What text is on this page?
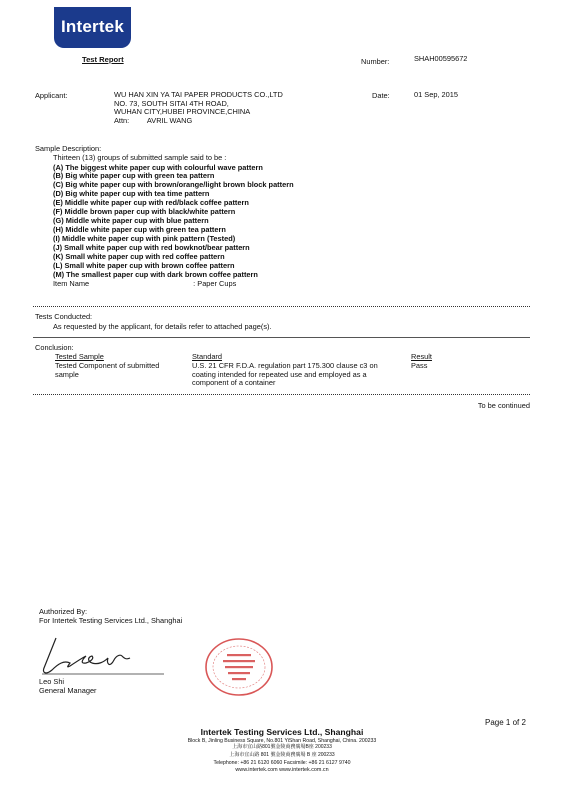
Intertek
Test Report	Number:	SHAH00595672
Applicant:	WU HAN XIN YA TAI PAPER PRODUCTS CO.,LTD
NO. 73, SOUTH SITAI 4TH ROAD,
WUHAN CITY,HUBEI PROVINCE,CHINA
Attn: AVRIL WANG
Date:	01 Sep, 2015
Sample Description:
Thirteen (13) groups of submitted sample said to be :
(A) The biggest white paper cup with colourful wave pattern
(B) Big white paper cup with green tea pattern
(C) Big white paper cup with brown/orange/light brown block pattern
(D) Big white paper cup with tea time pattern
(E) Middle white paper cup with red/black coffee pattern
(F) Middle brown paper cup with black/white pattern
(G) Middle white paper cup with blue pattern
(H) Middle white paper cup with green tea pattern
(I) Middle white paper cup with pink pattern (Tested)
(J) Small white paper cup with red bowknot/bear pattern
(K) Small white paper cup with red coffee pattern
(L) Small white paper cup with brown coffee pattern
(M) The smallest paper cup with dark brown coffee pattern
Item Name	: Paper Cups
Tests Conducted:
As requested by the applicant, for details refer to attached page(s).
Conclusion:
Tested Sample	Standard	Result
Tested Component of submitted
sample
U.S. 21 CFR F.D.A. regulation part 175.300 clause c3 on
coating intended for repeated use and employed as a
component of a container
Pass
To be continued
Authorized By:
For Intertek Testing Services Ltd., Shanghai
Leo Shi
General Manager
Page 1 of 2
Intertek Testing Services Ltd., Shanghai
Block B, Jinling Business Square, No.801 YiShan Road, Shanghai, China. 200233
上海市宜山路801號金陵商務廣場B座 200233
上海市宜山路 801 號金陵商務廣場 B 座 200233
Telephone: +86 21 6120 6060 Facsimile: +86 21 6127 9740
www.intertek.com www.intertek.com.cn
